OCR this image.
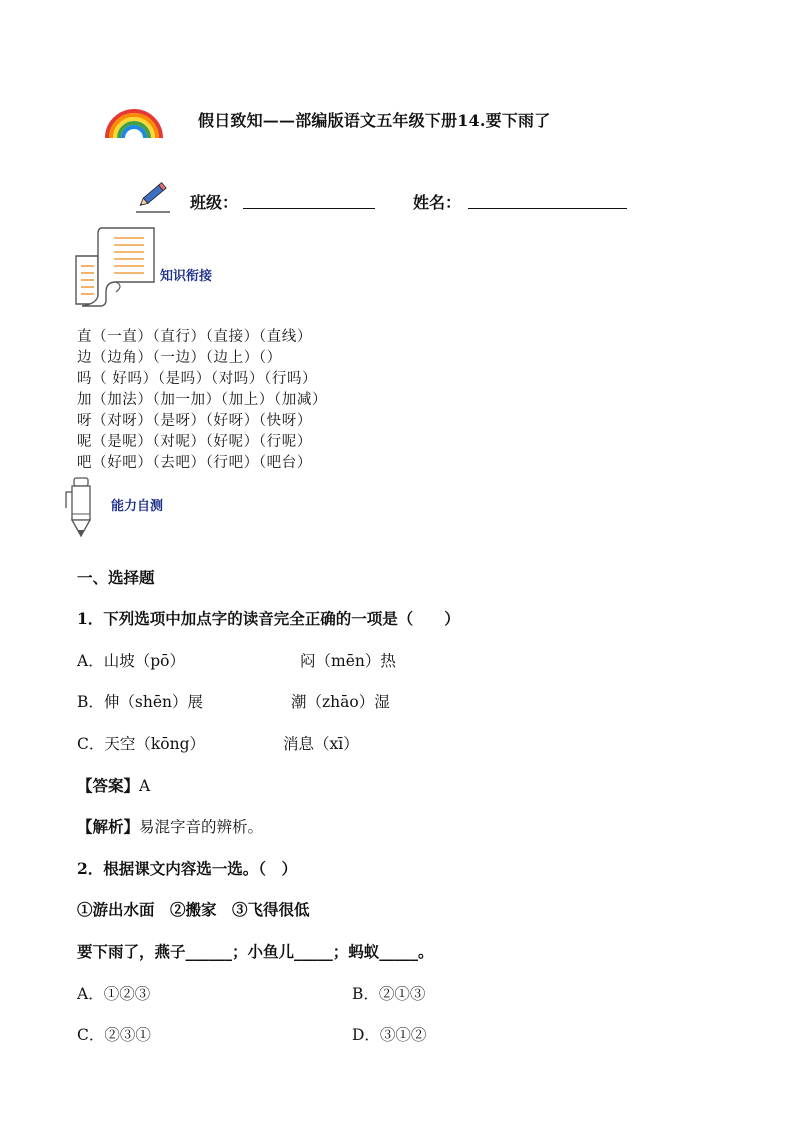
假日致知——部编版语文五年级下册14.要下雨了
班级：	姓名：
知识衔接
直（一直）（直行）（直接）（直线）
边（边角）（一边）（边上）（）
吗（ 好吗）（是吗）（对吗）（行吗）
加（加法）（加一加）（加上）（加减）
呀（对呀）（是呀）（好呀）（快呀）
呢（是呢）（对呢）（好呢）（行呢）
吧（好吧）（去吧）（行吧）（吧台）
能力自测
一、选择题
1．下列选项中加点字的读音完全正确的一项是（　　）
A．山坡（pō）	闷（mēn）热
B．伸（shēn）展	潮（zhāo）湿
C．天空（kōng）	消息（xī）
【答案】A
【解析】易混字音的辨析。
2．根据课文内容选一选。（　）
①游出水面　②搬家　③飞得很低
要下雨了，燕子______；小鱼儿_____；蚂蚁_____。
A．①②③	B．②①③
C．②③①	D．③①②
